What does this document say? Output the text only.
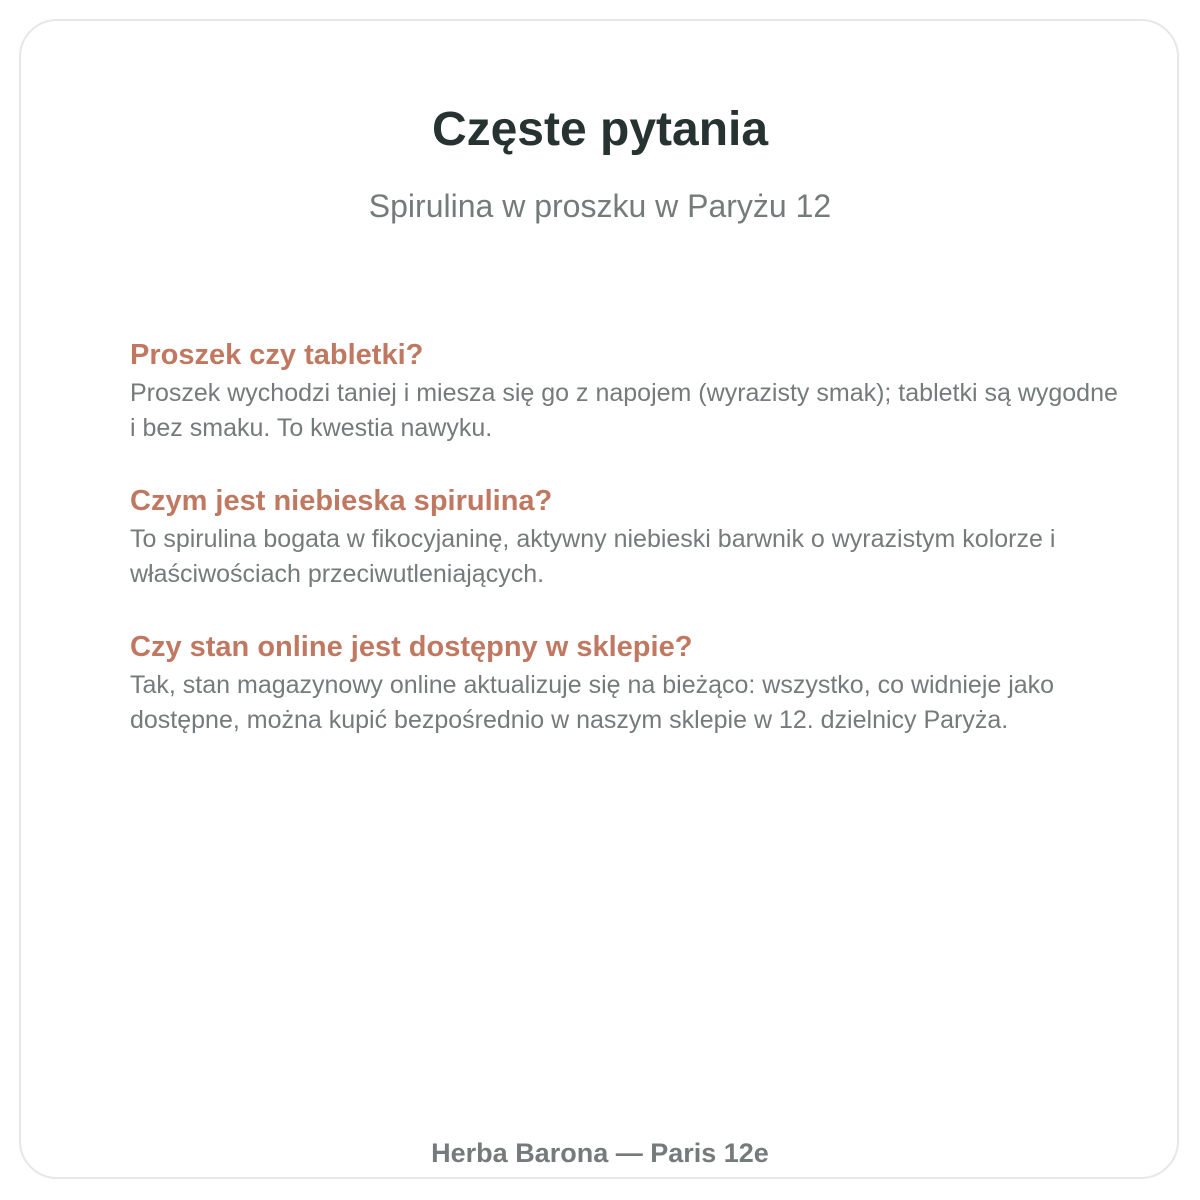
Częste pytania

Spirulina w proszku w Paryżu 12

Proszek czy tabletki?

Proszek wychodzi taniej i miesza się go z napojem (wyrazisty smak); tabletki są wygodne i bez smaku. To kwestia nawyku.

Czym jest niebieska spirulina?

To spirulina bogata w fikocyjaninę, aktywny niebieski barwnik o wyrazistym kolorze i właściwościach przeciwutleniających.

Czy stan online jest dostępny w sklepie?

Tak, stan magazynowy online aktualizuje się na bieżąco: wszystko, co widnieje jako dostępne, można kupić bezpośrednio w naszym sklepie w 12. dzielnicy Paryża.

Herba Barona — Paris 12e
